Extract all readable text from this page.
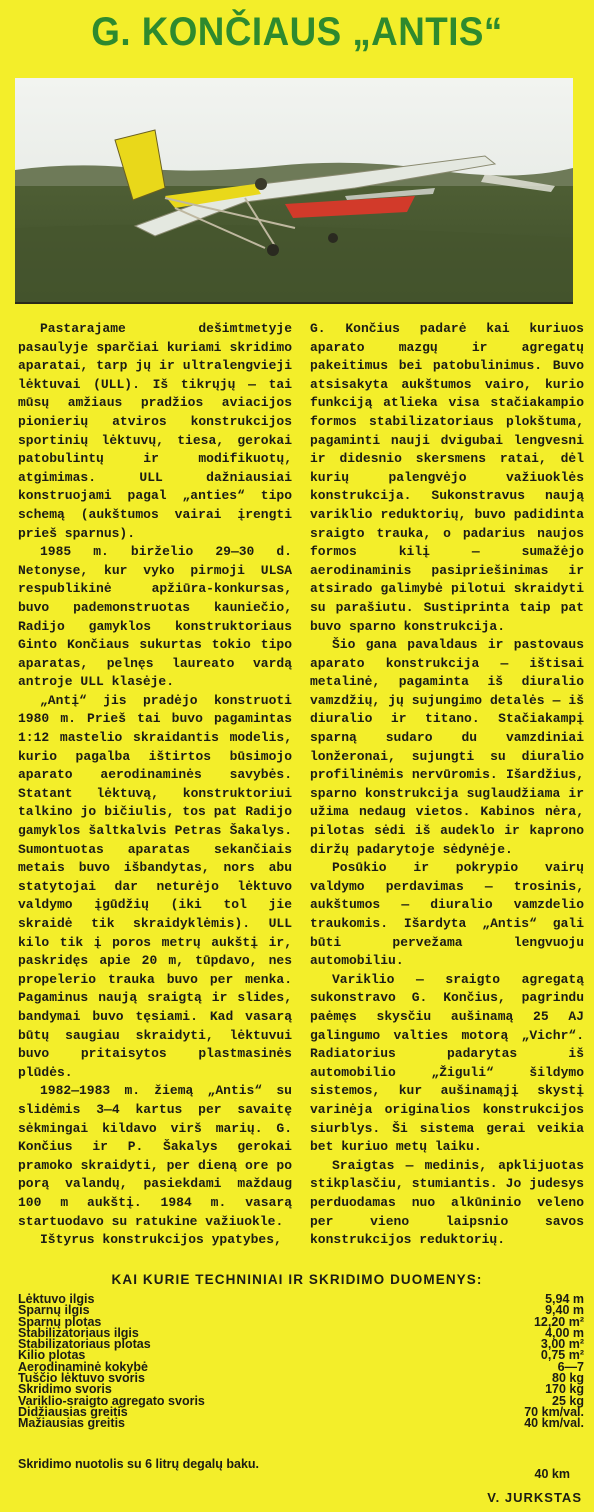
G. KONČIAUS „ANTIS“

Pastarajame dešimtmetyje pasaulyje sparčiai kuriami skridimo aparatai, tarp jų ir ultralengvieji lėktuvai (ULL). Iš tikrųjų — tai mūsų amžiaus pradžios aviacijos pionierių atviros konstrukcijos sportinių lėktuvų, tiesa, gerokai patobulintų ir modifikuotų, atgimimas. ULL dažniausiai konstruojami pagal „anties“ tipo schemą (aukštumos vairai įrengti prieš sparnus).

1985 m. birželio 29—30 d. Netonyse, kur vyko pirmoji ULSA respublikinė apžiūra-konkursas, buvo pademonstruotas kauniečio, Radijo gamyklos konstruktoriaus Ginto Končiaus sukurtas tokio tipo aparatas, pelnęs laureato vardą antroje ULL klasėje.

„Antį“ jis pradėjo konstruoti 1980 m. Prieš tai buvo pagamintas 1:12 mastelio skraidantis modelis, kurio pagalba ištirtos būsimojo aparato aerodinaminės savybės. Statant lėktuvą, konstruktoriui talkino jo bičiulis, tos pat Radijo gamyklos šaltkalvis Petras Šakalys. Sumontuotas aparatas sekančiais metais buvo išbandytas, nors abu statytojai dar neturėjo lėktuvo valdymo įgūdžių (iki tol jie skraidė tik skraidyklėmis). ULL kilo tik į poros metrų aukštį ir, paskridęs apie 20 m, tūpdavo, nes propelerio trauka buvo per menka. Pagaminus naują sraigtą ir slides, bandymai buvo tęsiami. Kad vasarą būtų saugiau skraidyti, lėktuvui buvo pritaisytos plastmasinės plūdės.

1982—1983 m. žiemą „Antis“ su slidėmis 3—4 kartus per savaitę sėkmingai kildavo virš marių. G. Končius ir P. Šakalys gerokai pramoko skraidyti, per dieną ore po porą valandų, pasiekdami maždaug 100 m aukštį. 1984 m. vasarą startuodavo su ratukine važiuokle.

Ištyrus konstrukcijos ypatybes,

G. Končius padarė kai kuriuos aparato mazgų ir agregatų pakeitimus bei patobulinimus. Buvo atsisakyta aukštumos vairo, kurio funkciją atlieka visa stačiakampio formos stabilizatoriaus plokštuma, pagaminti nauji dvigubai lengvesni ir didesnio skersmens ratai, dėl kurių palengvėjo važiuoklės konstrukcija. Sukonstravus naują variklio reduktorių, buvo padidinta sraigto trauka, o padarius naujos formos kilį — sumažėjo aerodinaminis pasipriešinimas ir atsirado galimybė pilotui skraidyti su parašiutu. Sustiprinta taip pat buvo sparno konstrukcija.

Šio gana pavaldaus ir pastovaus aparato konstrukcija — ištisai metalinė, pagaminta iš diuralio vamzdžių, jų sujungimo detalės — iš diuralio ir titano. Stačiakampį sparną sudaro du vamzdiniai lonžeronai, sujungti su diuralio profilinėmis nervūromis. Išardžius, sparno konstrukcija suglaudžiama ir užima nedaug vietos. Kabinos nėra, pilotas sėdi iš audeklo ir kaprono diržų padarytoje sėdynėje.

Posūkio ir pokrypio vairų valdymo perdavimas — trosinis, aukštumos — diuralio vamzdelio traukomis. Išardyta „Antis“ gali būti pervežama lengvuoju automobiliu.

Variklio — sraigto agregatą sukonstravo G. Končius, pagrindu paėmęs skysčiu aušinamą 25 AJ galingumo valties motorą „Vichr“. Radiatorius padarytas iš automobilio „Žiguli“ šildymo sistemos, kur aušinamąjį skystį varinėja originalios konstrukcijos siurblys. Ši sistema gerai veikia bet kuriuo metų laiku.

Sraigtas — medinis, apklijuotas stikplasčiu, stumiantis. Jo judesys perduodamas nuo alkūninio veleno per vieno laipsnio savos konstrukcijos reduktorių.

KAI KURIE TECHNINIAI IR SKRIDIMO DUOMENYS:
Lėktuvo ilgis	5,94 m
Sparnų ilgis	9,40 m
Sparnų plotas	12,20 m²
Stabilizatoriaus ilgis	4,00 m
Stabilizatoriaus plotas	3,00 m²
Kilio plotas	0,75 m²
Aerodinaminė kokybė	6—7
Tuščio lėktuvo svoris	80 kg
Skridimo svoris	170 kg
Variklio-sraigto agregato svoris	25 kg
Didžiausias greitis	70 km/val.
Mažiausias greitis	40 km/val.
Skridimo nuotolis su 6 litrų degalų baku.
40 km
V. JURKSTAS
